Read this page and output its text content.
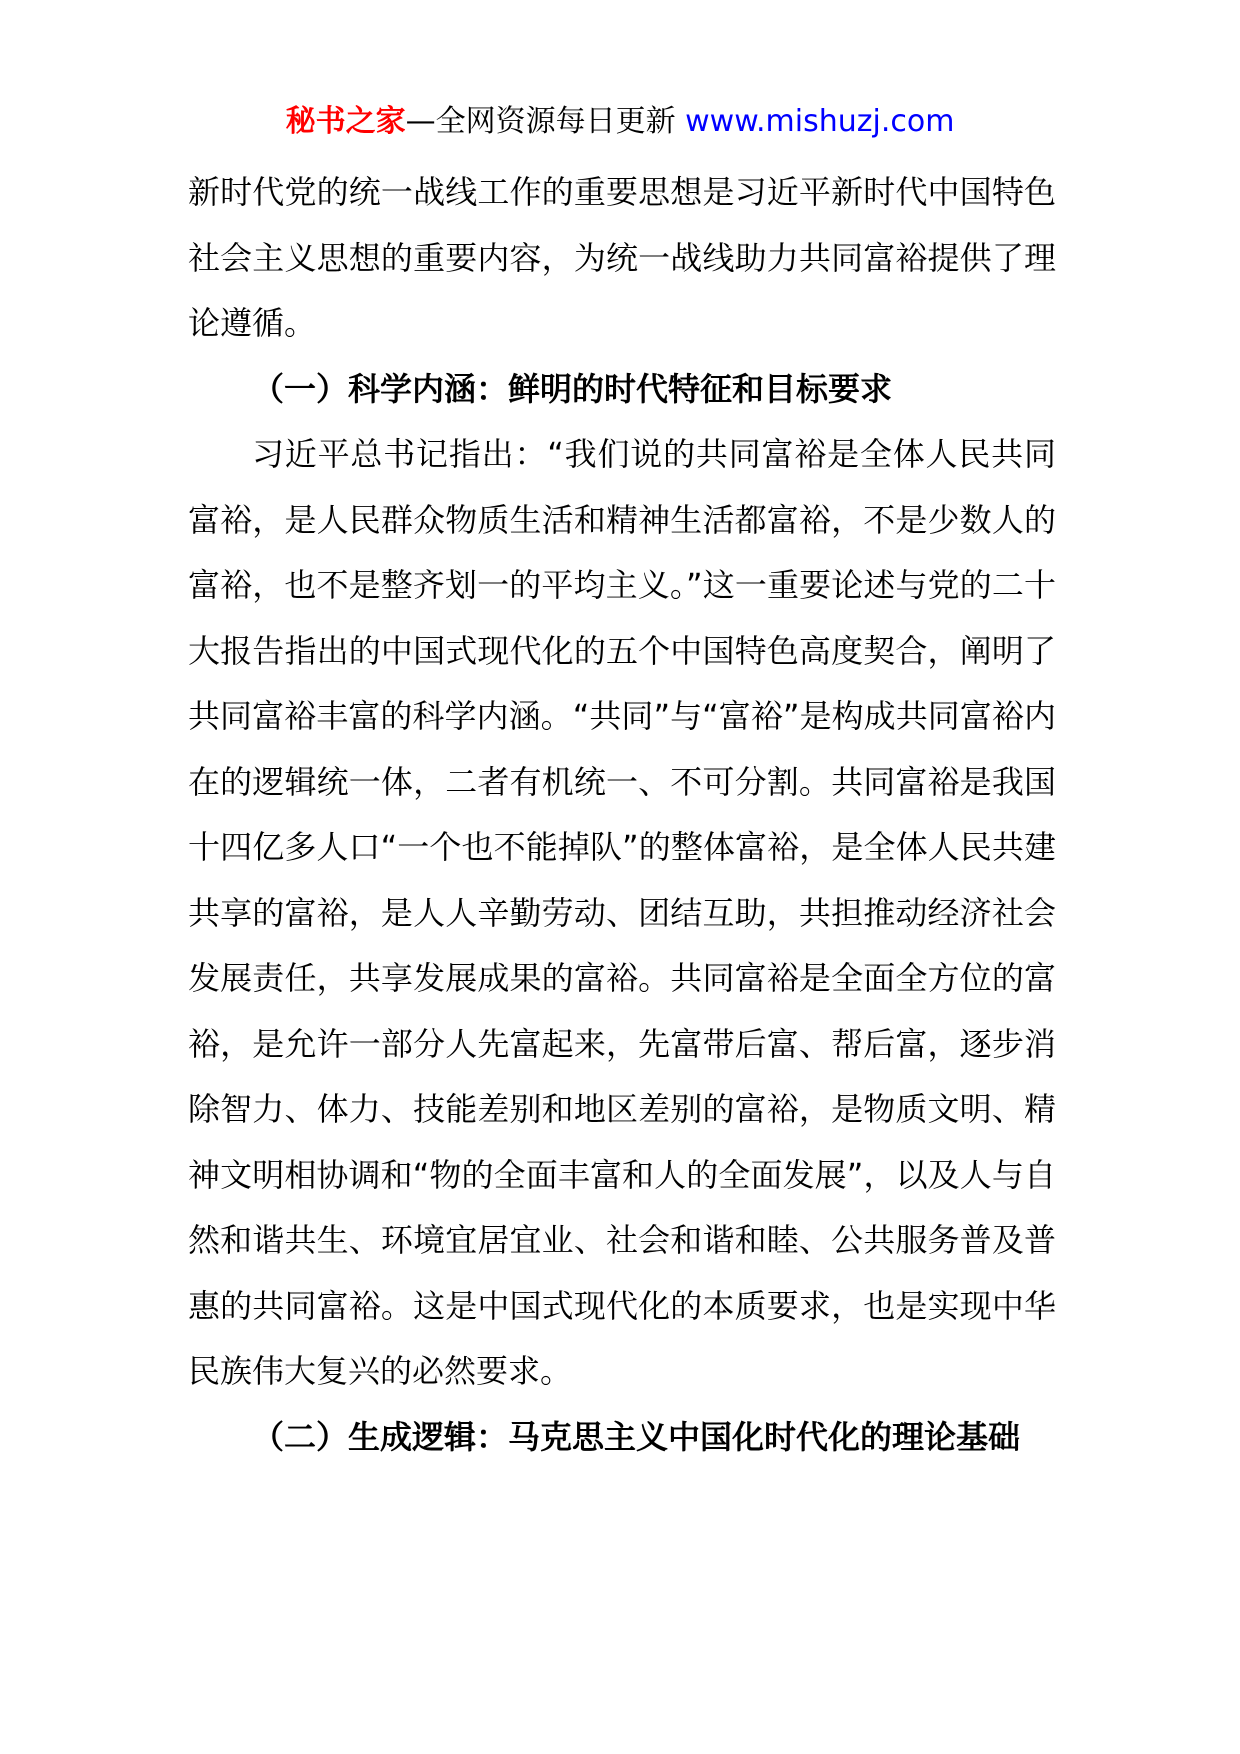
秘书之家—全网资源每日更新 www.mishuzj.com

新时代党的统一战线工作的重要思想是习近平新时代中国特色社会主义思想的重要内容，为统一战线助力共同富裕提供了理论遵循。

（一）科学内涵：鲜明的时代特征和目标要求

习近平总书记指出：“我们说的共同富裕是全体人民共同富裕，是人民群众物质生活和精神生活都富裕，不是少数人的富裕，也不是整齐划一的平均主义。”这一重要论述与党的二十大报告指出的中国式现代化的五个中国特色高度契合，阐明了共同富裕丰富的科学内涵。“共同”与“富裕”是构成共同富裕内在的逻辑统一体，二者有机统一、不可分割。共同富裕是我国十四亿多人口“一个也不能掉队”的整体富裕，是全体人民共建共享的富裕，是人人辛勤劳动、团结互助，共担推动经济社会发展责任，共享发展成果的富裕。共同富裕是全面全方位的富裕，是允许一部分人先富起来，先富带后富、帮后富，逐步消除智力、体力、技能差别和地区差别的富裕，是物质文明、精神文明相协调和“物的全面丰富和人的全面发展”，以及人与自然和谐共生、环境宜居宜业、社会和谐和睦、公共服务普及普惠的共同富裕。这是中国式现代化的本质要求，也是实现中华民族伟大复兴的必然要求。

（二）生成逻辑：马克思主义中国化时代化的理论基础
